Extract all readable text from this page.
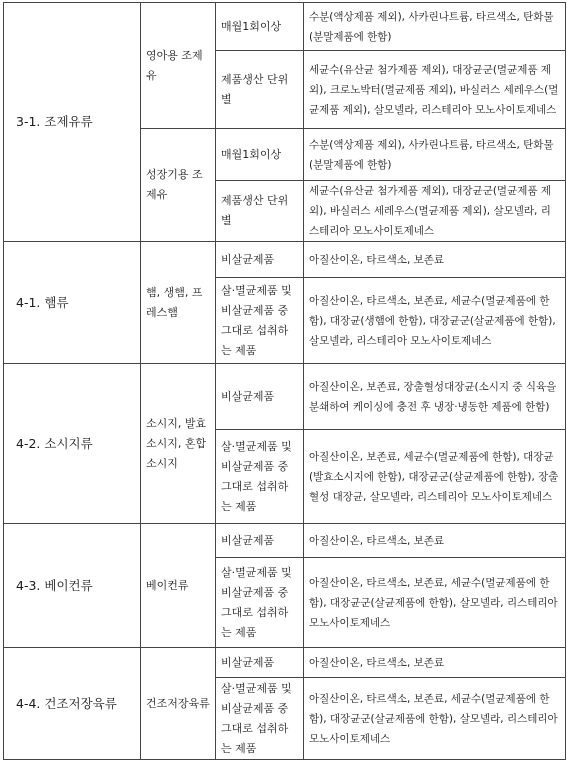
3-1. 조제유류	영아용 조제유	매월1회이상	수분(액상제품 제외), 사카린나트륨, 타르색소, 탄화물(분말제품에 한함)
		제품생산 단위별	세균수(유산균 첨가제품 제외), 대장균군(멸균제품 제외), 크로노박터(멸균제품 제외), 바실러스 세레우스(멸균제품 제외), 살모넬라, 리스테리아 모노사이토제네스
	성장기용 조제유	매월1회이상	수분(액상제품 제외), 사카린나트륨, 타르색소, 탄화물(분말제품에 한함)
		제품생산 단위별	세균수(유산균 첨가제품 제외), 대장균군(멸균제품 제외), 바실러스 세레우스(멸균제품 제외), 살모넬라, 리스테리아 모노사이토제네스
4-1. 햄류	햄, 생햄, 프레스햄	비살균제품	아질산이온, 타르색소, 보존료
		살·멸균제품 및 비살균제품 중 그대로 섭취하는 제품	아질산이온, 타르색소, 보존료, 세균수(멸균제품에 한함), 대장균(생햄에 한함), 대장균군(살균제품에 한함), 살모넬라, 리스테리아 모노사이토제네스
4-2. 소시지류	소시지, 발효소시지, 혼합소시지	비살균제품	아질산이온, 보존료, 장출혈성대장균(소시지 중 식육을 분쇄하여 케이싱에 충전 후 냉장·냉동한 제품에 한함)
		살·멸균제품 및 비살균제품 중 그대로 섭취하는 제품	아질산이온, 보존료, 세균수(멸균제품에 한함), 대장균(발효소시지에 한함), 대장균군(살균제품에 한함), 장출혈성 대장균, 살모넬라, 리스테리아 모노사이토제네스
4-3. 베이컨류	베이컨류	비살균제품	아질산이온, 타르색소, 보존료
		살·멸균제품 및 비살균제품 중 그대로 섭취하는 제품	아질산이온, 타르색소, 보존료, 세균수(멸균제품에 한함), 대장균군(살균제품에 한함), 살모넬라, 리스테리아 모노사이토제네스
4-4. 건조저장육류	건조저장육류	비살균제품	아질산이온, 타르색소, 보존료
		살·멸균제품 및 비살균제품 중 그대로 섭취하는 제품	아질산이온, 타르색소, 보존료, 세균수(멸균제품에 한함), 대장균군(살균제품에 한함), 살모넬라, 리스테리아 모노사이토제네스
